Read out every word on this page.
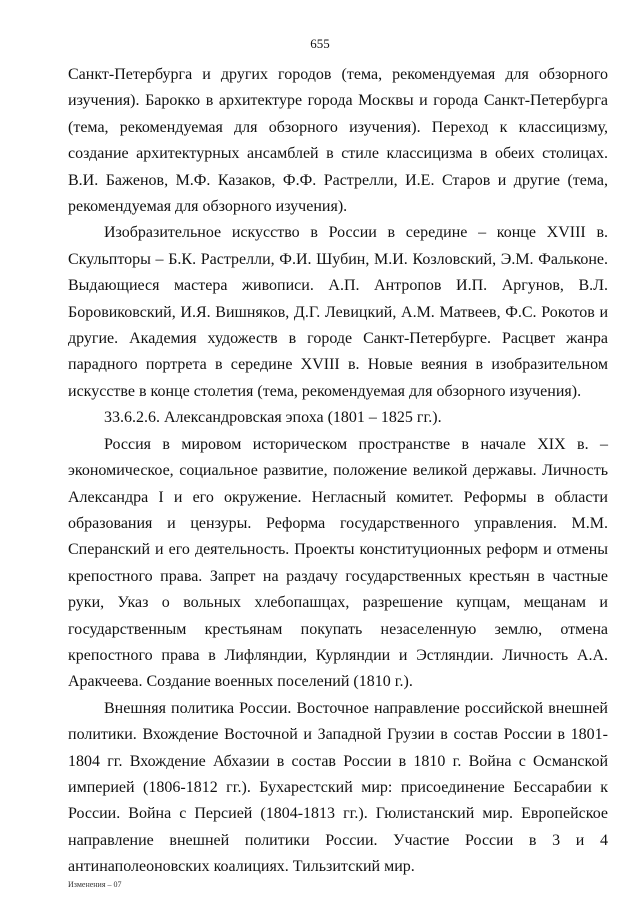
655

Санкт-Петербурга и других городов (тема, рекомендуемая для обзорного изучения). Барокко в архитектуре города Москвы и города Санкт-Петербурга (тема, рекомендуемая для обзорного изучения). Переход к классицизму, создание архитектурных ансамблей в стиле классицизма в обеих столицах. В.И. Баженов, М.Ф. Казаков, Ф.Ф. Растрелли, И.Е. Старов и другие (тема, рекомендуемая для обзорного изучения).

Изобразительное искусство в России в середине – конце XVIII в. Скульпторы – Б.К. Растрелли, Ф.И. Шубин, М.И. Козловский, Э.М. Фальконе. Выдающиеся мастера живописи. А.П. Антропов И.П. Аргунов, В.Л. Боровиковский, И.Я. Вишняков, Д.Г. Левицкий, А.М. Матвеев, Ф.С. Рокотов и другие. Академия художеств в городе Санкт-Петербурге. Расцвет жанра парадного портрета в середине XVIII в. Новые веяния в изобразительном искусстве в конце столетия (тема, рекомендуемая для обзорного изучения).

33.6.2.6. Александровская эпоха (1801 – 1825 гг.).

Россия в мировом историческом пространстве в начале XIX в. – экономическое, социальное развитие, положение великой державы. Личность Александра I и его окружение. Негласный комитет. Реформы в области образования и цензуры. Реформа государственного управления. М.М. Сперанский и его деятельность. Проекты конституционных реформ и отмены крепостного права. Запрет на раздачу государственных крестьян в частные руки, Указ о вольных хлебопашцах, разрешение купцам, мещанам и государственным крестьянам покупать незаселенную землю, отмена крепостного права в Лифляндии, Курляндии и Эстляндии. Личность А.А. Аракчеева. Создание военных поселений (1810 г.).

Внешняя политика России. Восточное направление российской внешней политики. Вхождение Восточной и Западной Грузии в состав России в 1801-1804 гг. Вхождение Абхазии в состав России в 1810 г. Война с Османской империей (1806-1812 гг.). Бухарестский мир: присоединение Бессарабии к России. Война с Персией (1804-1813 гг.). Гюлистанский мир. Европейское направление внешней политики России. Участие России в 3 и 4 антинаполеоновских коалициях. Тильзитский мир.

Изменения – 07
